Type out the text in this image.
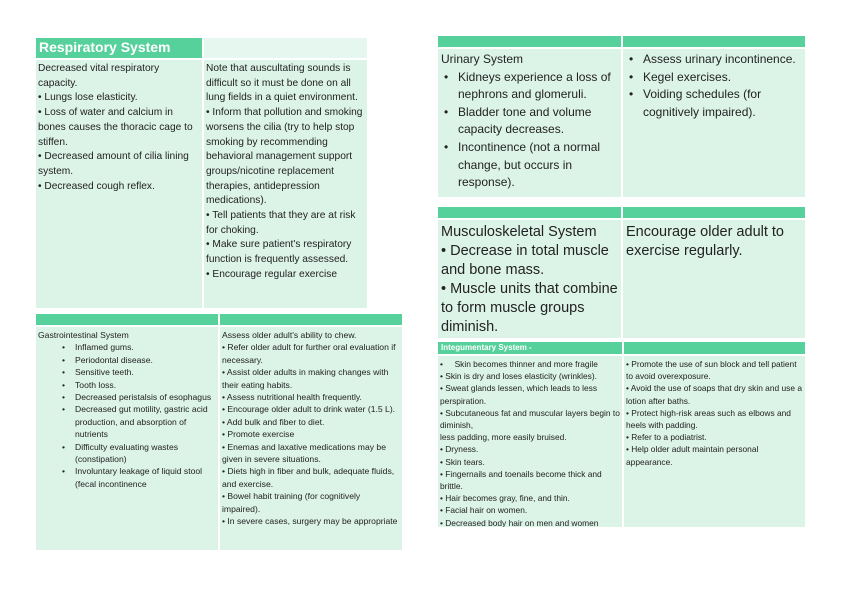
Respiratory System
Decreased vital respiratory capacity.
• Lungs lose elasticity.
• Loss of water and calcium in bones causes the thoracic cage to stiffen.
• Decreased amount of cilia lining system.
• Decreased cough reflex.
Note that auscultating sounds is difficult so it must be done on all lung fields in a quiet environment.
• Inform that pollution and smoking worsens the cilia (try to help stop smoking by recommending behavioral management support groups/nicotine replacement therapies, antidepression medications).
• Tell patients that they are at risk for choking.
• Make sure patient's respiratory function is frequently assessed.
• Encourage regular exercise
Urinary System
• Kidneys experience a loss of nephrons and glomeruli.
• Bladder tone and volume capacity decreases.
• Incontinence (not a normal change, but occurs in response).
• Assess urinary incontinence.
• Kegel exercises.
• Voiding schedules (for cognitively impaired).
Musculoskeletal System
• Decrease in total muscle and bone mass.
• Muscle units that combine to form muscle groups diminish.
Encourage older adult to exercise regularly.
Integumentary System -
•     Skin becomes thinner and more fragile
• Skin is dry and loses elasticity (wrinkles).
• Sweat glands lessen, which leads to less perspiration.
• Subcutaneous fat and muscular layers begin to diminish,
less padding, more easily bruised.
• Dryness.
• Skin tears.
• Fingernails and toenails become thick and brittle.
• Hair becomes gray, fine, and thin.
• Facial hair on women.
• Decreased body hair on men and women
• Promote the use of sun block and tell patient to avoid overexposure.
• Avoid the use of soaps that dry skin and use a lotion after baths.
• Protect high-risk areas such as elbows and heels with padding.
• Refer to a podiatrist.
• Help older adult maintain personal appearance.
Gastrointestinal System
• Inflamed gums.
• Periodontal disease.
• Sensitive teeth.
• Tooth loss.
• Decreased peristalsis of esophagus
• Decreased gut motility, gastric acid production, and absorption of nutrients
• Difficulty evaluating wastes (constipation)
• Involuntary leakage of liquid stool (fecal incontinence
Assess older adult's ability to chew.
• Refer older adult for further oral evaluation if necessary.
• Assist older adults in making changes with their eating habits.
• Assess nutritional health frequently.
• Encourage older adult to drink water (1.5 L).
• Add bulk and fiber to diet.
• Promote exercise
• Enemas and laxative medications may be given in severe situations.
• Diets high in fiber and bulk, adequate fluids, and exercise.
• Bowel habit training (for cognitively impaired).
• In severe cases, surgery may be appropriate
